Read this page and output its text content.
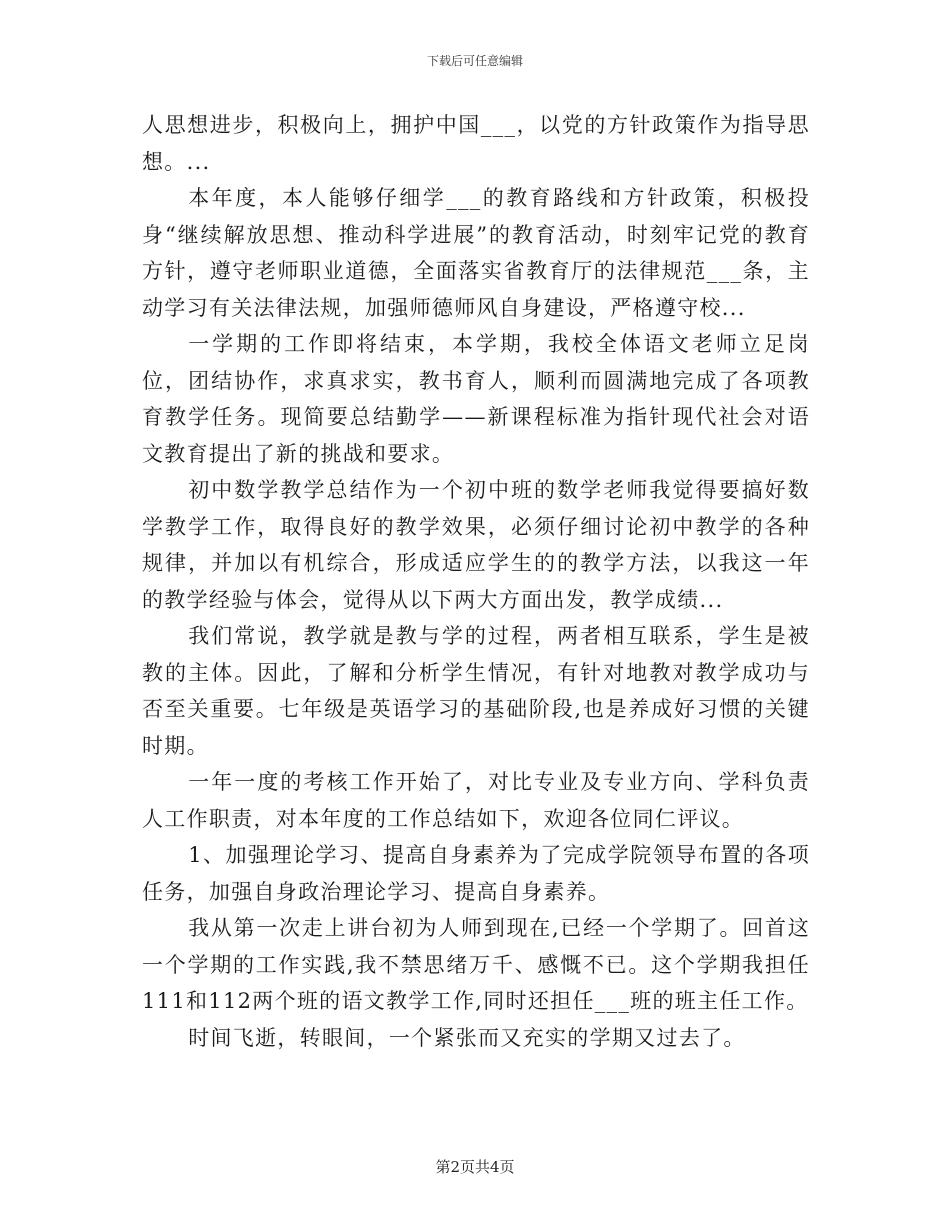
下载后可任意编辑

人思想进步，积极向上，拥护中国___，以党的方针政策作为指导思想。...

本年度，本人能够仔细学___的教育路线和方针政策，积极投身“继续解放思想、推动科学进展”的教育活动，时刻牢记党的教育方针，遵守老师职业道德，全面落实省教育厅的法律规范___条，主动学习有关法律法规，加强师德师风自身建设，严格遵守校...

一学期的工作即将结束，本学期，我校全体语文老师立足岗位，团结协作，求真求实，教书育人，顺利而圆满地完成了各项教育教学任务。现简要总结勤学——新课程标准为指针现代社会对语文教育提出了新的挑战和要求。

初中数学教学总结作为一个初中班的数学老师我觉得要搞好数学教学工作，取得良好的教学效果，必须仔细讨论初中教学的各种规律，并加以有机综合，形成适应学生的的教学方法，以我这一年的教学经验与体会，觉得从以下两大方面出发，教学成绩...

我们常说，教学就是教与学的过程，两者相互联系，学生是被教的主体。因此，了解和分析学生情况，有针对地教对教学成功与否至关重要。七年级是英语学习的基础阶段,也是养成好习惯的关键时期。

一年一度的考核工作开始了，对比专业及专业方向、学科负责人工作职责，对本年度的工作总结如下，欢迎各位同仁评议。

1、加强理论学习、提高自身素养为了完成学院领导布置的各项任务，加强自身政治理论学习、提高自身素养。

我从第一次走上讲台初为人师到现在,已经一个学期了。回首这一个学期的工作实践,我不禁思绪万千、感慨不已。这个学期我担任111和112两个班的语文教学工作,同时还担任___班的班主任工作。

时间飞逝，转眼间，一个紧张而又充实的学期又过去了。

第2页共4页
